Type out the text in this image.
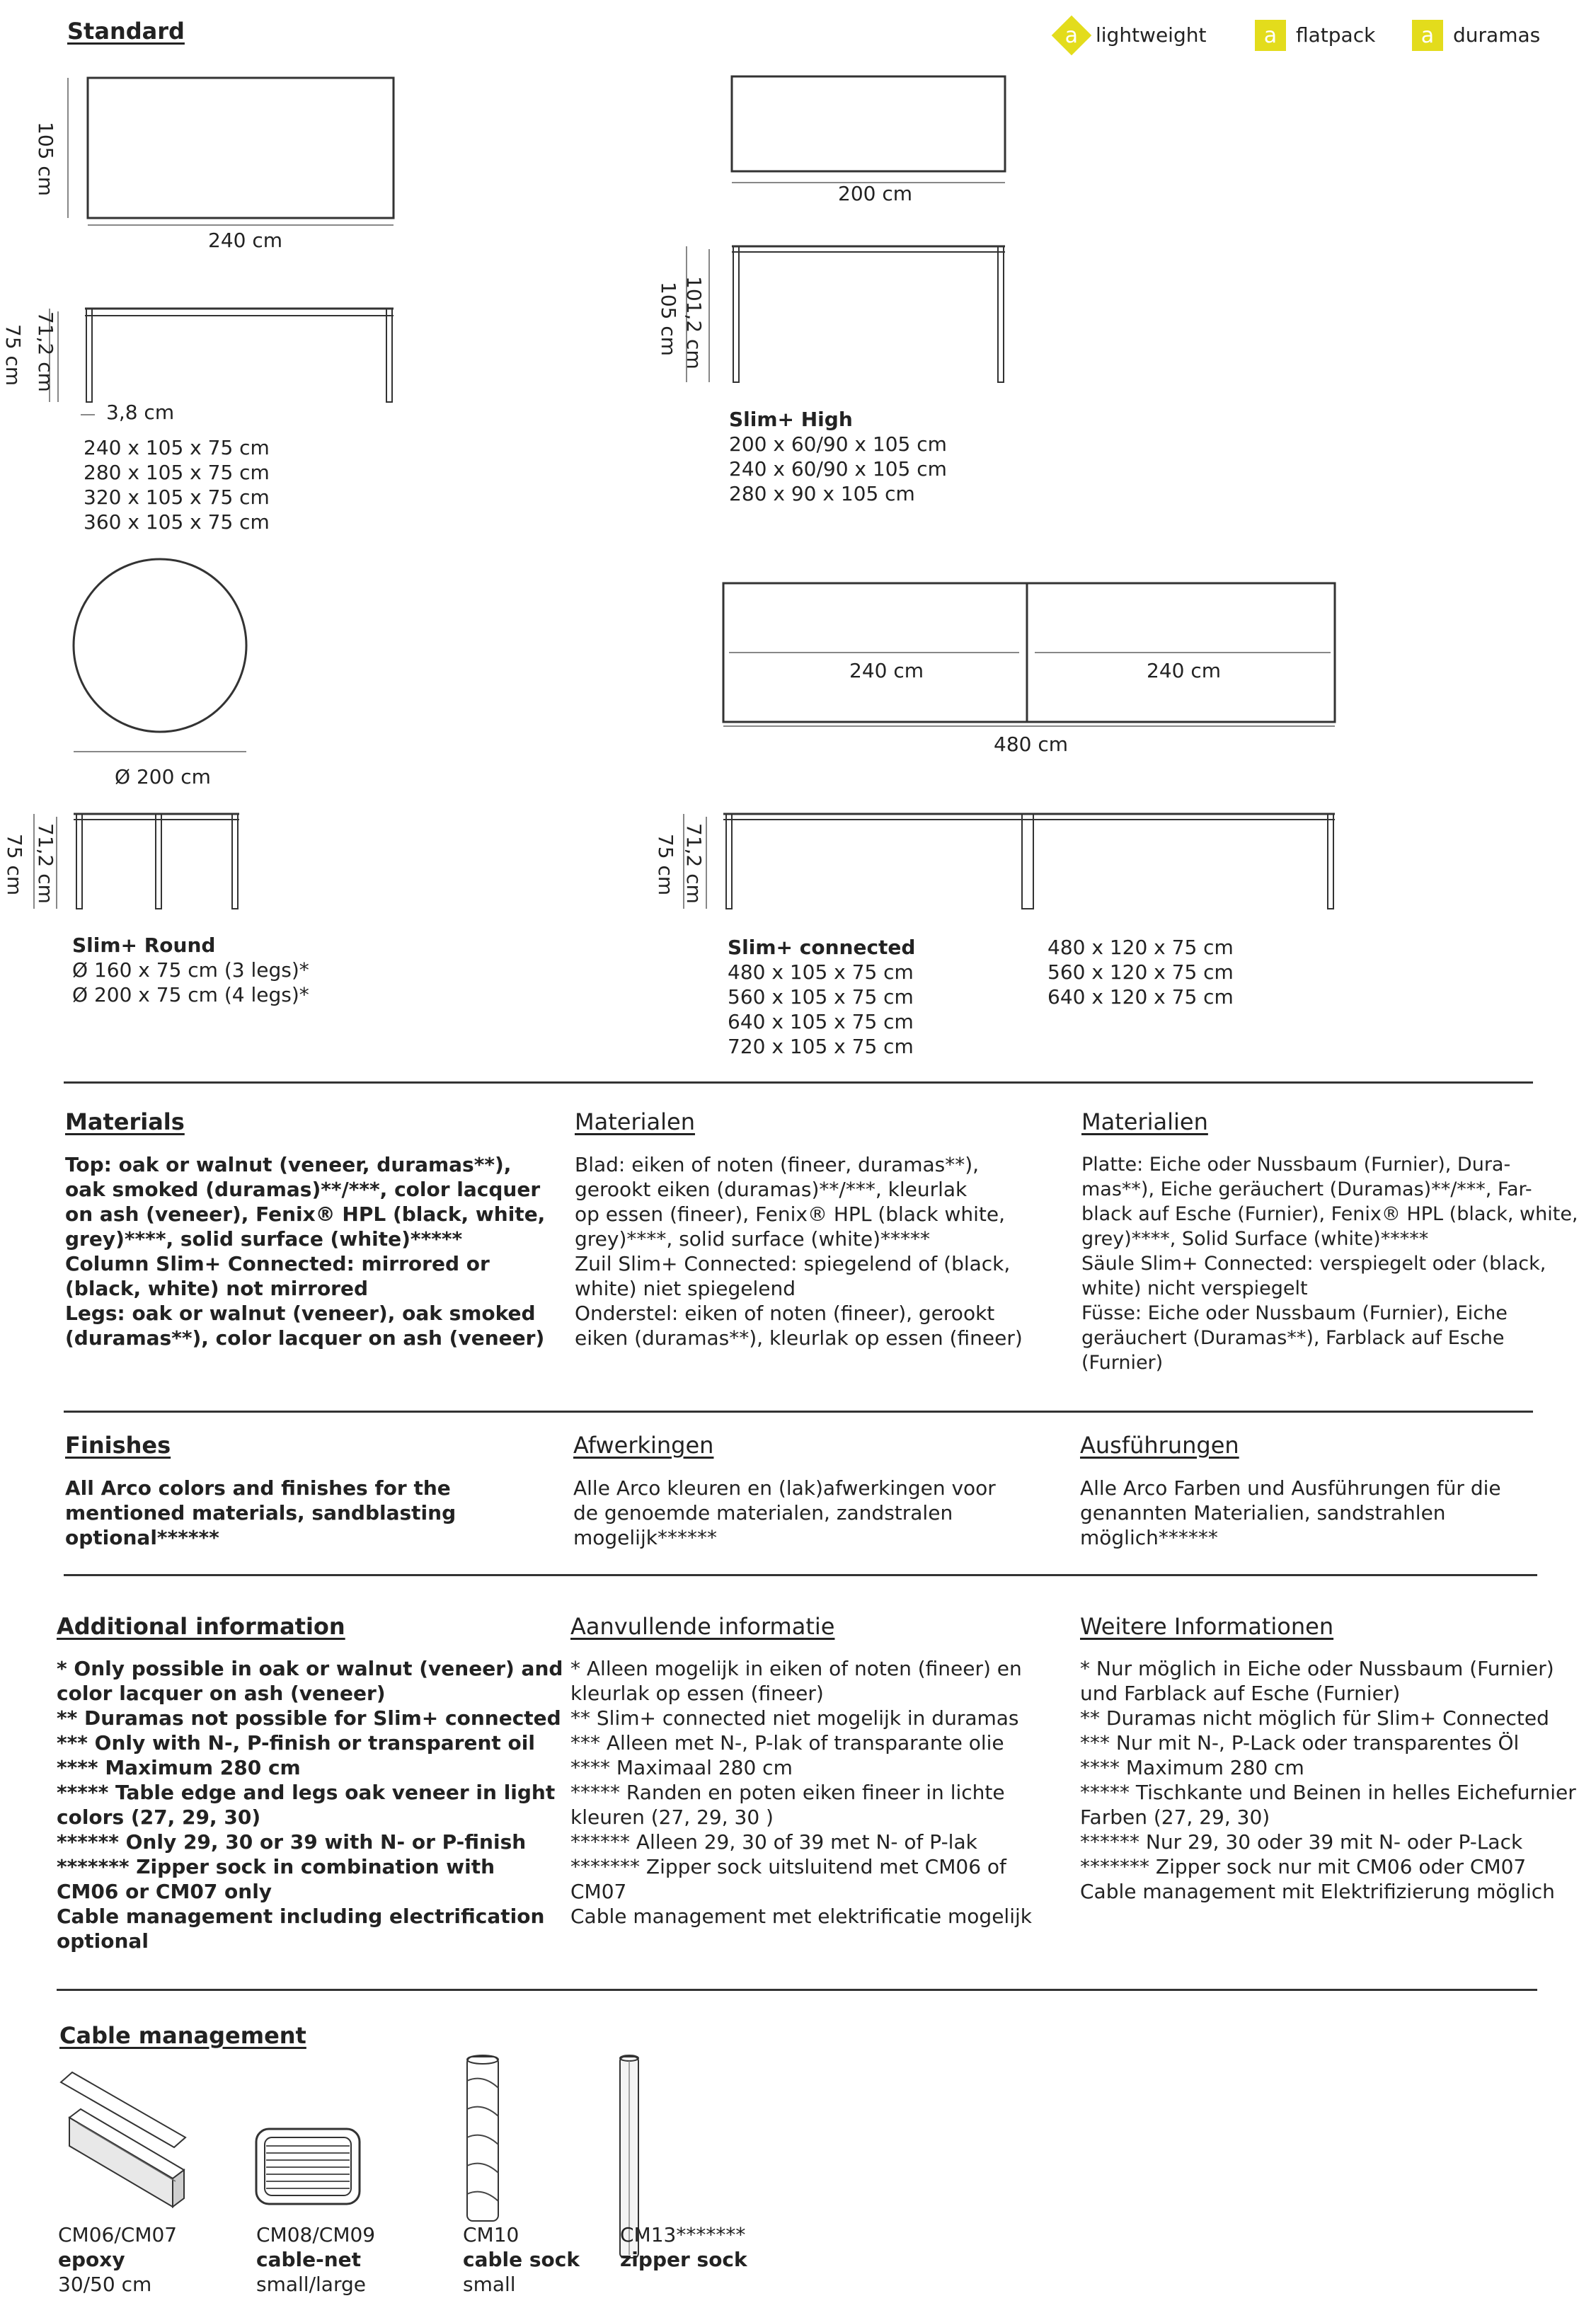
Standard	a lightweight	a flatpack a duramas
105 cm
240 cm
71,2 cm
75 cm
3,8 cm
240 x 105 x 75 cm
280 x 105 x 75 cm
320 x 105 x 75 cm
360 x 105 x 75 cm
200 cm
101,2 cm
105 cm
Slim+ High
200 x 60/90 x 105 cm
240 x 60/90 x 105 cm
280 x 90 x 105 cm
Ø 200 cm
71,2 cm
75 cm
Slim+ Round
Ø 160 x 75 cm (3 legs)*
Ø 200 x 75 cm (4 legs)*
240 cm	240 cm
480 cm
71,2 cm
75 cm
Slim+ connected
480 x 105 x 75 cm
560 x 105 x 75 cm
640 x 105 x 75 cm
720 x 105 x 75 cm
480 x 120 x 75 cm
560 x 120 x 75 cm
640 x 120 x 75 cm
Materials	Materialen	Materialien
Top: oak or walnut (veneer, duramas**),
oak smoked (duramas)**/***, color lacquer
on ash (veneer), Fenix® HPL (black, white,
grey)****, solid surface (white)*****
Column Slim+ Connected: mirrored or
(black, white) not mirrored
Legs: oak or walnut (veneer), oak smoked
(duramas**), color lacquer on ash (veneer)
Blad: eiken of noten (fineer, duramas**),
gerookt eiken (duramas)**/***, kleurlak
op essen (fineer), Fenix® HPL (black white,
grey)****, solid surface (white)*****
Zuil Slim+ Connected: spiegelend of (black,
white) niet spiegelend
Onderstel: eiken of noten (fineer), gerookt
eiken (duramas**), kleurlak op essen (fineer)
Platte: Eiche oder Nussbaum (Furnier), Dura-
mas**), Eiche geräuchert (Duramas)**/***, Far-
black auf Esche (Furnier), Fenix® HPL (black, white,
grey)****, Solid Surface (white)*****
Säule Slim+ Connected: verspiegelt oder (black,
white) nicht verspiegelt
Füsse: Eiche oder Nussbaum (Furnier), Eiche
geräuchert (Duramas**), Farblack auf Esche
(Furnier)
Finishes	Afwerkingen	Ausführungen
All Arco colors and finishes for the
mentioned materials, sandblasting
optional******
Alle Arco kleuren en (lak)afwerkingen voor
de genoemde materialen, zandstralen
mogelijk******
Alle Arco Farben und Ausführungen für die
genannten Materialien, sandstrahlen
möglich******
Additional information	Aanvullende informatie	Weitere Informationen
* Only possible in oak or walnut (veneer) and
color lacquer on ash (veneer)
** Duramas not possible for Slim+ connected
*** Only with N-, P-finish or transparent oil
**** Maximum 280 cm
***** Table edge and legs oak veneer in light
colors (27, 29, 30)
****** Only 29, 30 or 39 with N- or P-finish
******* Zipper sock in combination with
CM06 or CM07 only
Cable management including electrification
optional
* Alleen mogelijk in eiken of noten (fineer) en
kleurlak op essen (fineer)
** Slim+ connected niet mogelijk in duramas
*** Alleen met N-, P-lak of transparante olie
**** Maximaal 280 cm
***** Randen en poten eiken fineer in lichte
kleuren (27, 29, 30 )
****** Alleen 29, 30 of 39 met N- of P-lak
******* Zipper sock uitsluitend met CM06 of
CM07
Cable management met elektrificatie mogelijk
* Nur möglich in Eiche oder Nussbaum (Furnier)
und Farblack auf Esche (Furnier)
** Duramas nicht möglich für Slim+ Connected
*** Nur mit N-, P-Lack oder transparentes Öl
**** Maximum 280 cm
***** Tischkante und Beinen in helles Eichefurnier
Farben (27, 29, 30)
****** Nur 29, 30 oder 39 mit N- oder P-Lack
******* Zipper sock nur mit CM06 oder CM07
Cable management mit Elektrifizierung möglich
Cable management
CM06/CM07
epoxy
30/50 cm
CM08/CM09
cable-net
small/large
CM10
cable sock
small
CM13*******
zipper sock
